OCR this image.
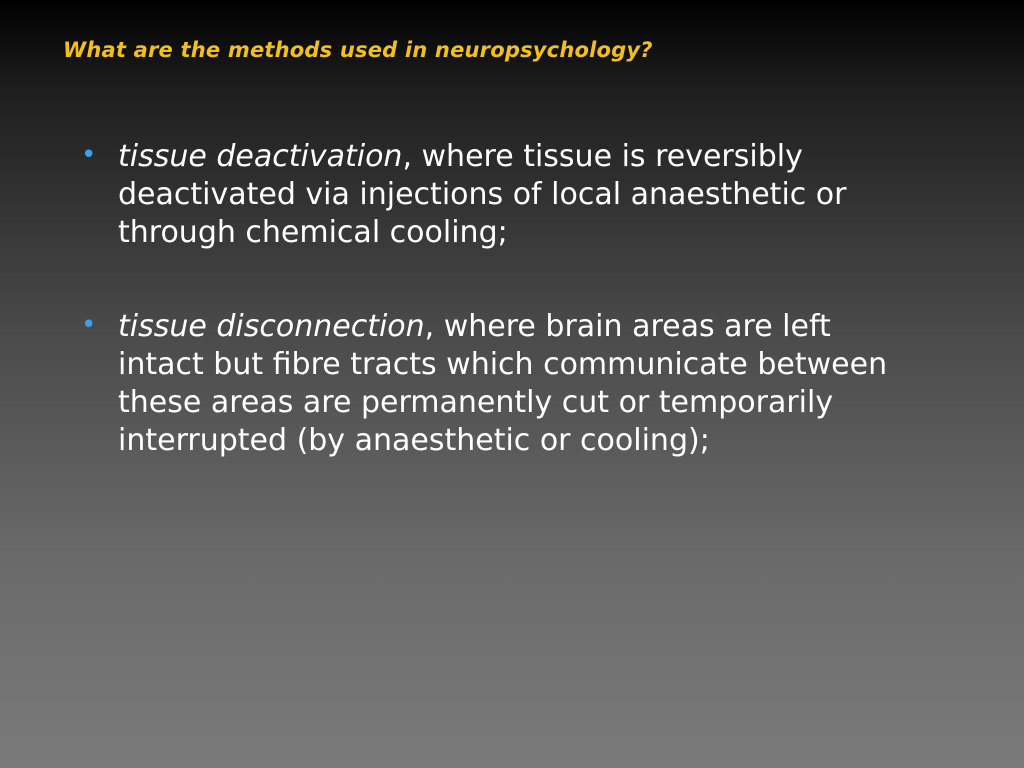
What are the methods used in neuropsychology?
• tissue deactivation, where tissue is reversibly deactivated via injections of local anaesthetic or through chemical cooling;
• tissue disconnection, where brain areas are left intact but fibre tracts which communicate between these areas are permanently cut or temporarily interrupted (by anaesthetic or cooling);
